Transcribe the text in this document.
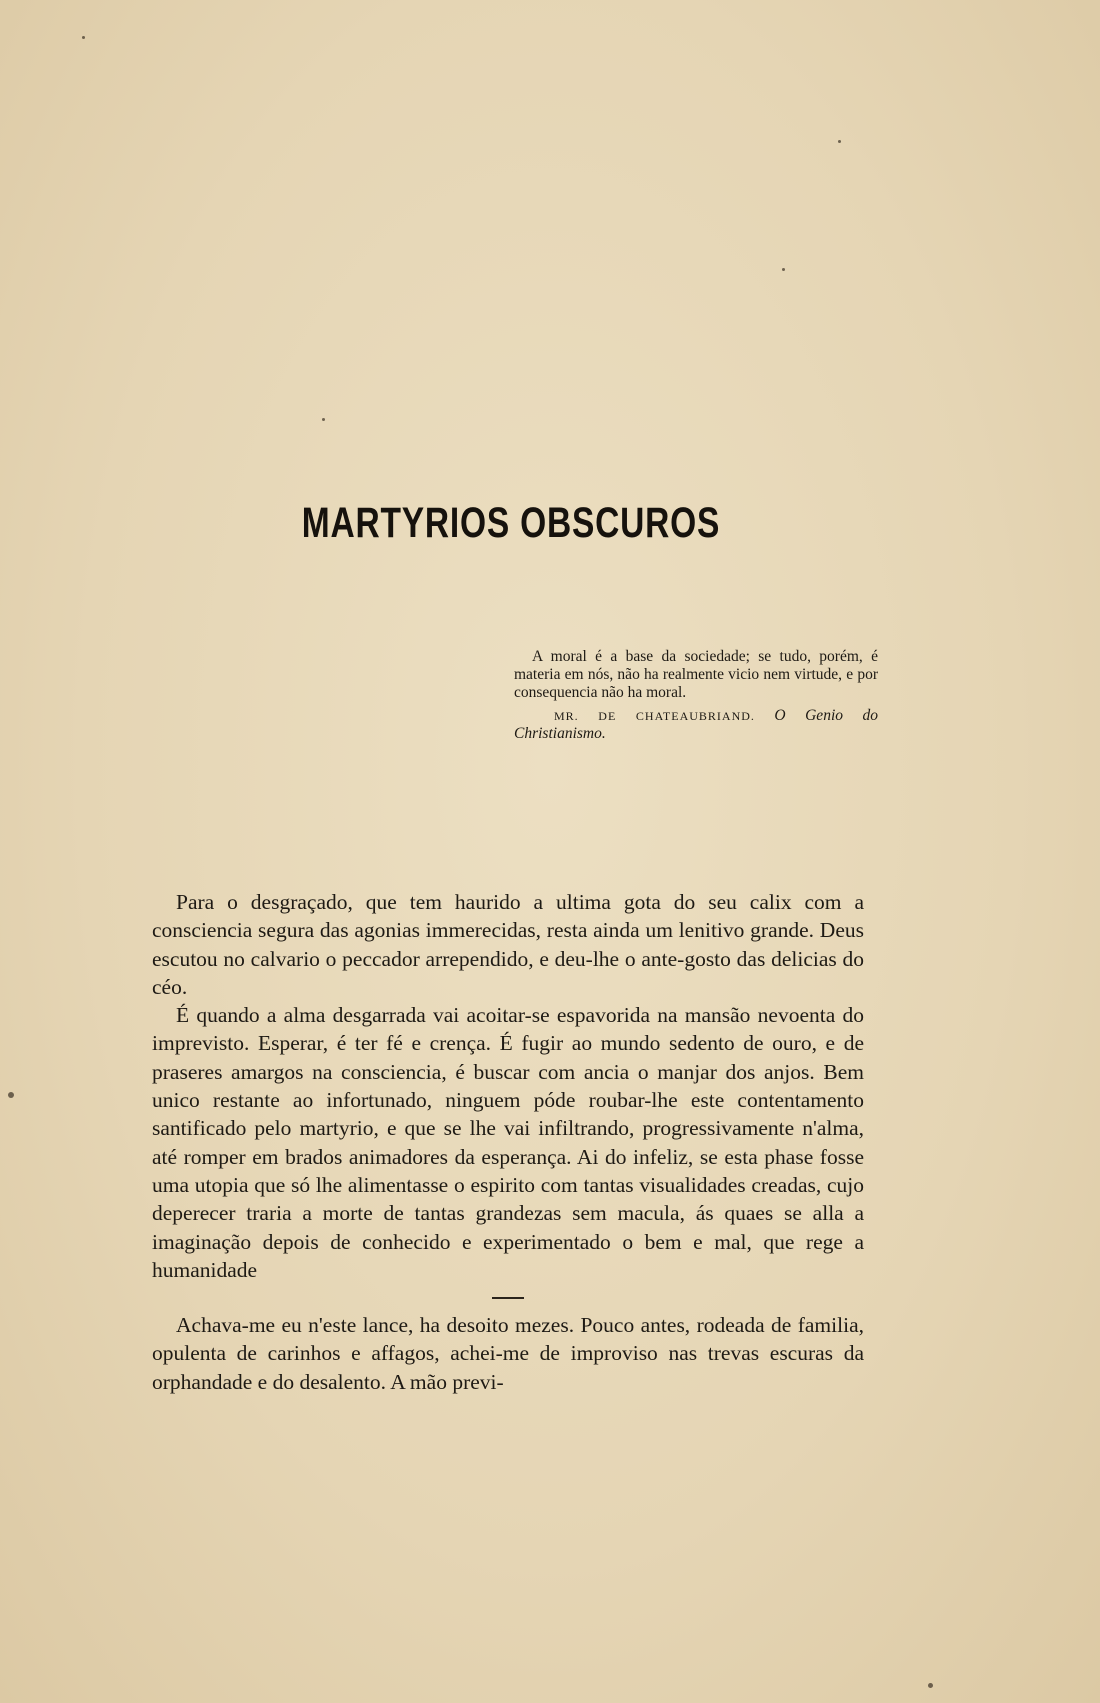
MARTYRIOS OBSCUROS

A moral é a base da sociedade; se tudo, porém, é materia em nós, não ha realmente vicio nem virtude, e por consequencia não ha moral.

MR. DE CHATEAUBRIAND. O Genio do Christianismo.

Para o desgraçado, que tem haurido a ultima gota do seu calix com a consciencia segura das agonias immerecidas, resta ainda um lenitivo grande. Deus escutou no calvario o peccador arrependido, e deu-lhe o ante-gosto das delicias do céo.

É quando a alma desgarrada vai acoitar-se espavorida na mansão nevoenta do imprevisto. Esperar, é ter fé e crença. É fugir ao mundo sedento de ouro, e de praseres amargos na consciencia, é buscar com ancia o manjar dos anjos. Bem unico restante ao infortunado, ninguem póde roubar-lhe este contentamento santificado pelo martyrio, e que se lhe vai infiltrando, progressivamente n'alma, até romper em brados animadores da esperança. Ai do infeliz, se esta phase fosse uma utopia que só lhe alimentasse o espirito com tantas visualidades creadas, cujo deperecer traria a morte de tantas grandezas sem macula, ás quaes se alla a imaginação depois de conhecido e experimentado o bem e mal, que rege a humanidade

Achava-me eu n'este lance, ha desoito mezes. Pouco antes, rodeada de familia, opulenta de carinhos e affagos, achei-me de improviso nas trevas escuras da orphandade e do desalento. A mão previ-
